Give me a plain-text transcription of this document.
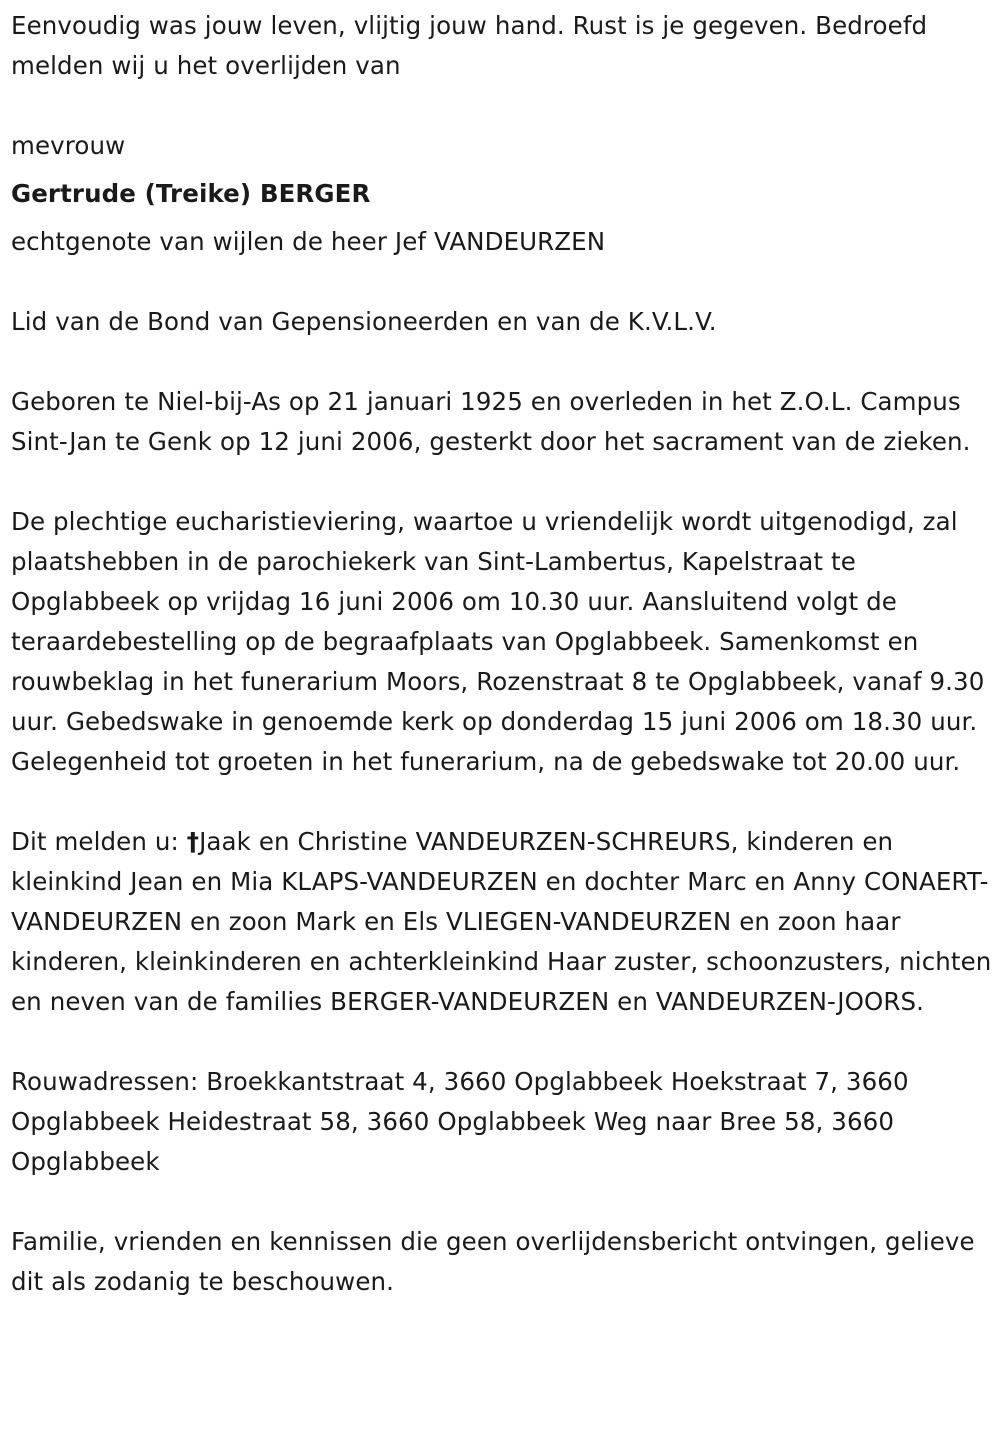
Eenvoudig was jouw leven, vlijtig jouw hand. Rust is je gegeven. Bedroefd melden wij u het overlijden van

mevrouw

Gertrude (Treike) BERGER

echtgenote van wijlen de heer Jef VANDEURZEN

Lid van de Bond van Gepensioneerden en van de K.V.L.V.

Geboren te Niel-bij-As op 21 januari 1925 en overleden in het Z.O.L. Campus Sint-Jan te Genk op 12 juni 2006, gesterkt door het sacrament van de zieken.

De plechtige eucharistieviering, waartoe u vriendelijk wordt uitgenodigd, zal plaatshebben in de parochiekerk van Sint-Lambertus, Kapelstraat te Opglabbeek op vrijdag 16 juni 2006 om 10.30 uur. Aansluitend volgt de teraardebestelling op de begraafplaats van Opglabbeek. Samenkomst en rouwbeklag in het funerarium Moors, Rozenstraat 8 te Opglabbeek, vanaf 9.30 uur. Gebedswake in genoemde kerk op donderdag 15 juni 2006 om 18.30 uur. Gelegenheid tot groeten in het funerarium, na de gebedswake tot 20.00 uur.

Dit melden u: †Jaak en Christine VANDEURZEN-SCHREURS, kinderen en kleinkind Jean en Mia KLAPS-VANDEURZEN en dochter Marc en Anny CONAERT-VANDEURZEN en zoon Mark en Els VLIEGEN-VANDEURZEN en zoon haar kinderen, kleinkinderen en achterkleinkind Haar zuster, schoonzusters, nichten en neven van de families BERGER-VANDEURZEN en VANDEURZEN-JOORS.

Rouwadressen: Broekkantstraat 4, 3660 Opglabbeek Hoekstraat 7, 3660 Opglabbeek Heidestraat 58, 3660 Opglabbeek Weg naar Bree 58, 3660 Opglabbeek

Familie, vrienden en kennissen die geen overlijdensbericht ontvingen, gelieve dit als zodanig te beschouwen.
